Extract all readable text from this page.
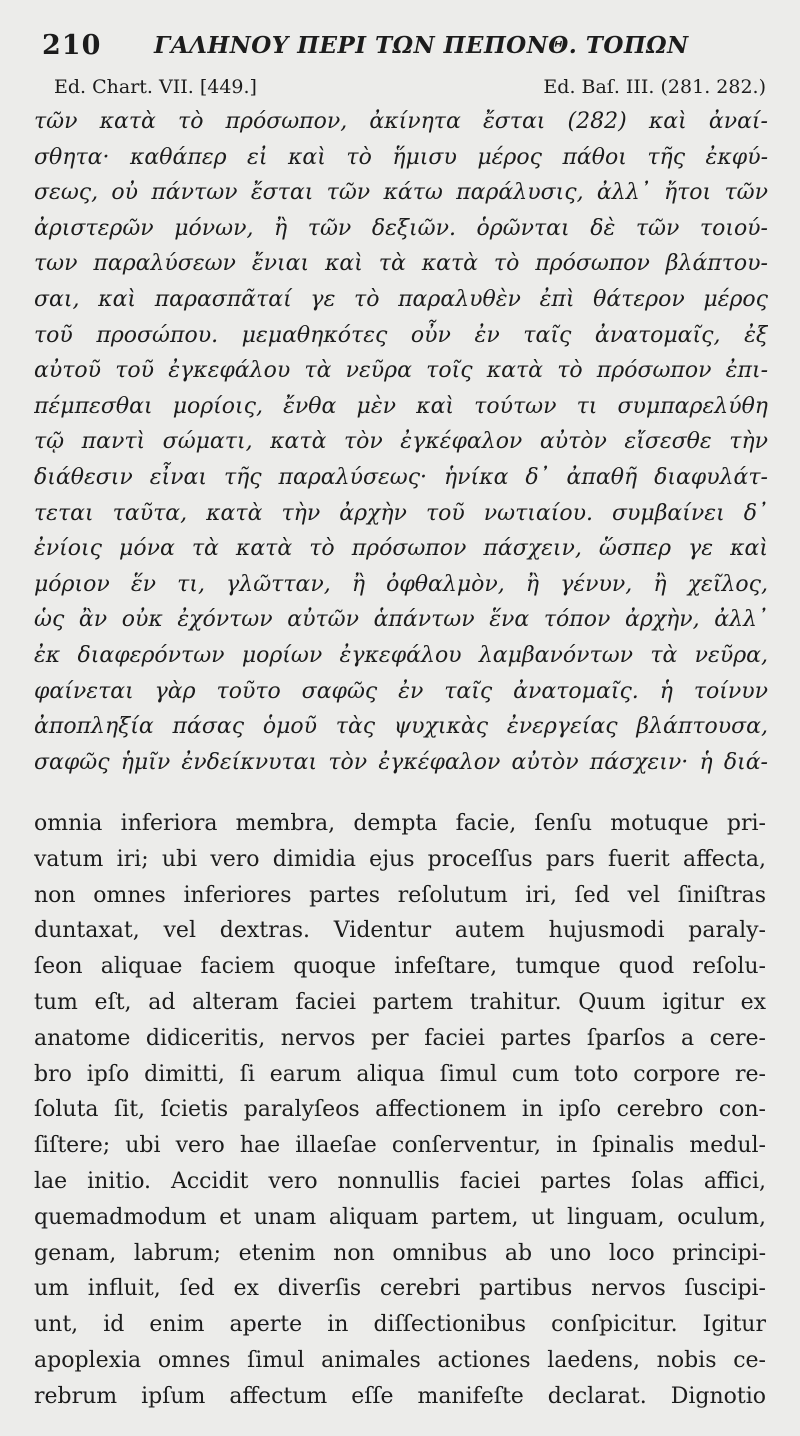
210 ΓΑΛΗΝΟΥ ΠΕΡΙ ΤΩΝ ΠΕΠΟΝΘ. ΤΟΠΩΝ
Ed. Chart. VII. [449.]	Ed. Baſ. III. (281. 282.)
τῶν κατὰ τὸ πρόσωπον, ἀκίνητα ἔσται (282) καὶ ἀναί-
σθητα· καθάπερ εἰ καὶ τὸ ἥμισυ μέρος πάθοι τῆς ἐκφύ-
σεως, οὐ πάντων ἔσται τῶν κάτω παράλυσις, ἀλλ᾽ ἤτοι τῶν
ἀριστερῶν μόνων, ἢ τῶν δεξιῶν. ὁρῶνται δὲ τῶν τοιού-
των παραλύσεων ἔνιαι καὶ τὰ κατὰ τὸ πρόσωπον βλάπτου-
σαι, καὶ παρασπᾶταί γε τὸ παραλυθὲν ἐπὶ θάτερον μέρος
τοῦ προσώπου. μεμαθηκότες οὖν ἐν ταῖς ἀνατομαῖς, ἐξ
αὐτοῦ τοῦ ἐγκεφάλου τὰ νεῦρα τοῖς κατὰ τὸ πρόσωπον ἐπι-
πέμπεσθαι μορίοις, ἔνθα μὲν καὶ τούτων τι συμπαρελύθη
τῷ παντὶ σώματι, κατὰ τὸν ἐγκέφαλον αὐτὸν εἴσεσθε τὴν
διάθεσιν εἶναι τῆς παραλύσεως· ἡνίκα δ᾽ ἀπαθῆ διαφυλάτ-
τεται ταῦτα, κατὰ τὴν ἀρχὴν τοῦ νωτιαίου. συμβαίνει δ᾽
ἐνίοις μόνα τὰ κατὰ τὸ πρόσωπον πάσχειν, ὥσπερ γε καὶ
μόριον ἕν τι, γλῶτταν, ἢ ὀφθαλμὸν, ἢ γένυν, ἢ χεῖλος,
ὡς ἂν οὐκ ἐχόντων αὐτῶν ἁπάντων ἕνα τόπον ἀρχὴν, ἀλλ᾽
ἐκ διαφερόντων μορίων ἐγκεφάλου λαμβανόντων τὰ νεῦρα,
φαίνεται γὰρ τοῦτο σαφῶς ἐν ταῖς ἀνατομαῖς. ἡ τοίνυν
ἀποπληξία πάσας ὁμοῦ τὰς ψυχικὰς ἐνεργείας βλάπτουσα,
σαφῶς ἡμῖν ἐνδείκνυται τὸν ἐγκέφαλον αὐτὸν πάσχειν· ἡ διά-
omnia inferiora membra, dempta facie, ſenſu motuque pri-
vatum iri; ubi vero dimidia ejus proceſſus pars fuerit affecta,
non omnes inferiores partes reſolutum iri, ſed vel ſiniſtras
duntaxat, vel dextras. Videntur autem hujusmodi paraly-
ſeon aliquae faciem quoque infeſtare, tumque quod reſolu-
tum eſt, ad alteram faciei partem trahitur. Quum igitur ex
anatome didiceritis, nervos per faciei partes ſparſos a cere-
bro ipſo dimitti, ſi earum aliqua ſimul cum toto corpore re-
ſoluta ſit, ſcietis paralyſeos affectionem in ipſo cerebro con-
ſiſtere; ubi vero hae illaeſae conſerventur, in ſpinalis medul-
lae initio. Accidit vero nonnullis faciei partes ſolas affici,
quemadmodum et unam aliquam partem, ut linguam, oculum,
genam, labrum; etenim non omnibus ab uno loco principi-
um influit, ſed ex diverſis cerebri partibus nervos ſuscipi-
unt, id enim aperte in diſſectionibus conſpicitur. Igitur
apoplexia omnes ſimul animales actiones laedens, nobis ce-
rebrum ipſum affectum eſſe manifeſte declarat. Dignotio
